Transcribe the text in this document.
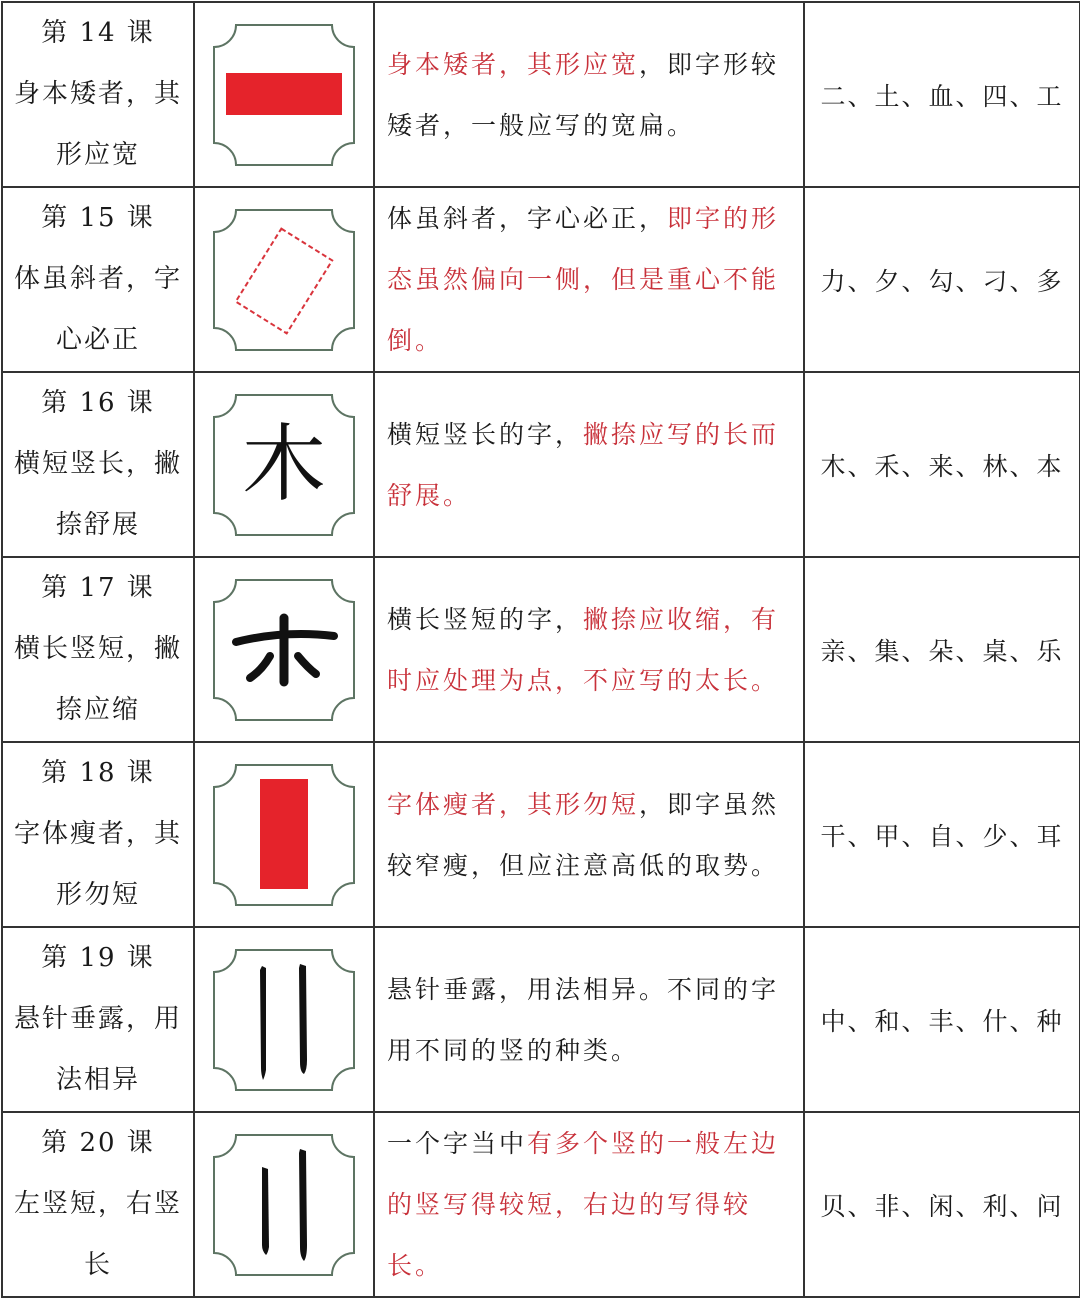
第 14 课
身本矮者，其
形应宽		身本矮者，其形应宽，即字形较矮者，一般应写的宽扁。	二、土、血、四、工

第 15 课
体虽斜者，字
心必正		体虽斜者，字心必正，即字的形态虽然偏向一侧，但是重心不能倒。	力、夕、勾、刁、多

第 16 课
横短竖长，撇
捺舒展	木	横短竖长的字，撇捺应写的长而舒展。	木、禾、来、林、本

第 17 课
横长竖短，撇
捺应缩		横长竖短的字，撇捺应收缩，有时应处理为点，不应写的太长。	亲、集、朵、桌、乐

第 18 课
字体瘦者，其
形勿短		字体瘦者，其形勿短，即字虽然较窄瘦，但应注意高低的取势。	干、甲、自、少、耳

第 19 课
悬针垂露，用
法相异		悬针垂露，用法相异。不同的字用不同的竖的种类。	中、和、丰、什、种

第 20 课
左竖短，右竖
长		一个字当中有多个竖的一般左边的竖写得较短，右边的写得较长。	贝、非、闲、利、问
